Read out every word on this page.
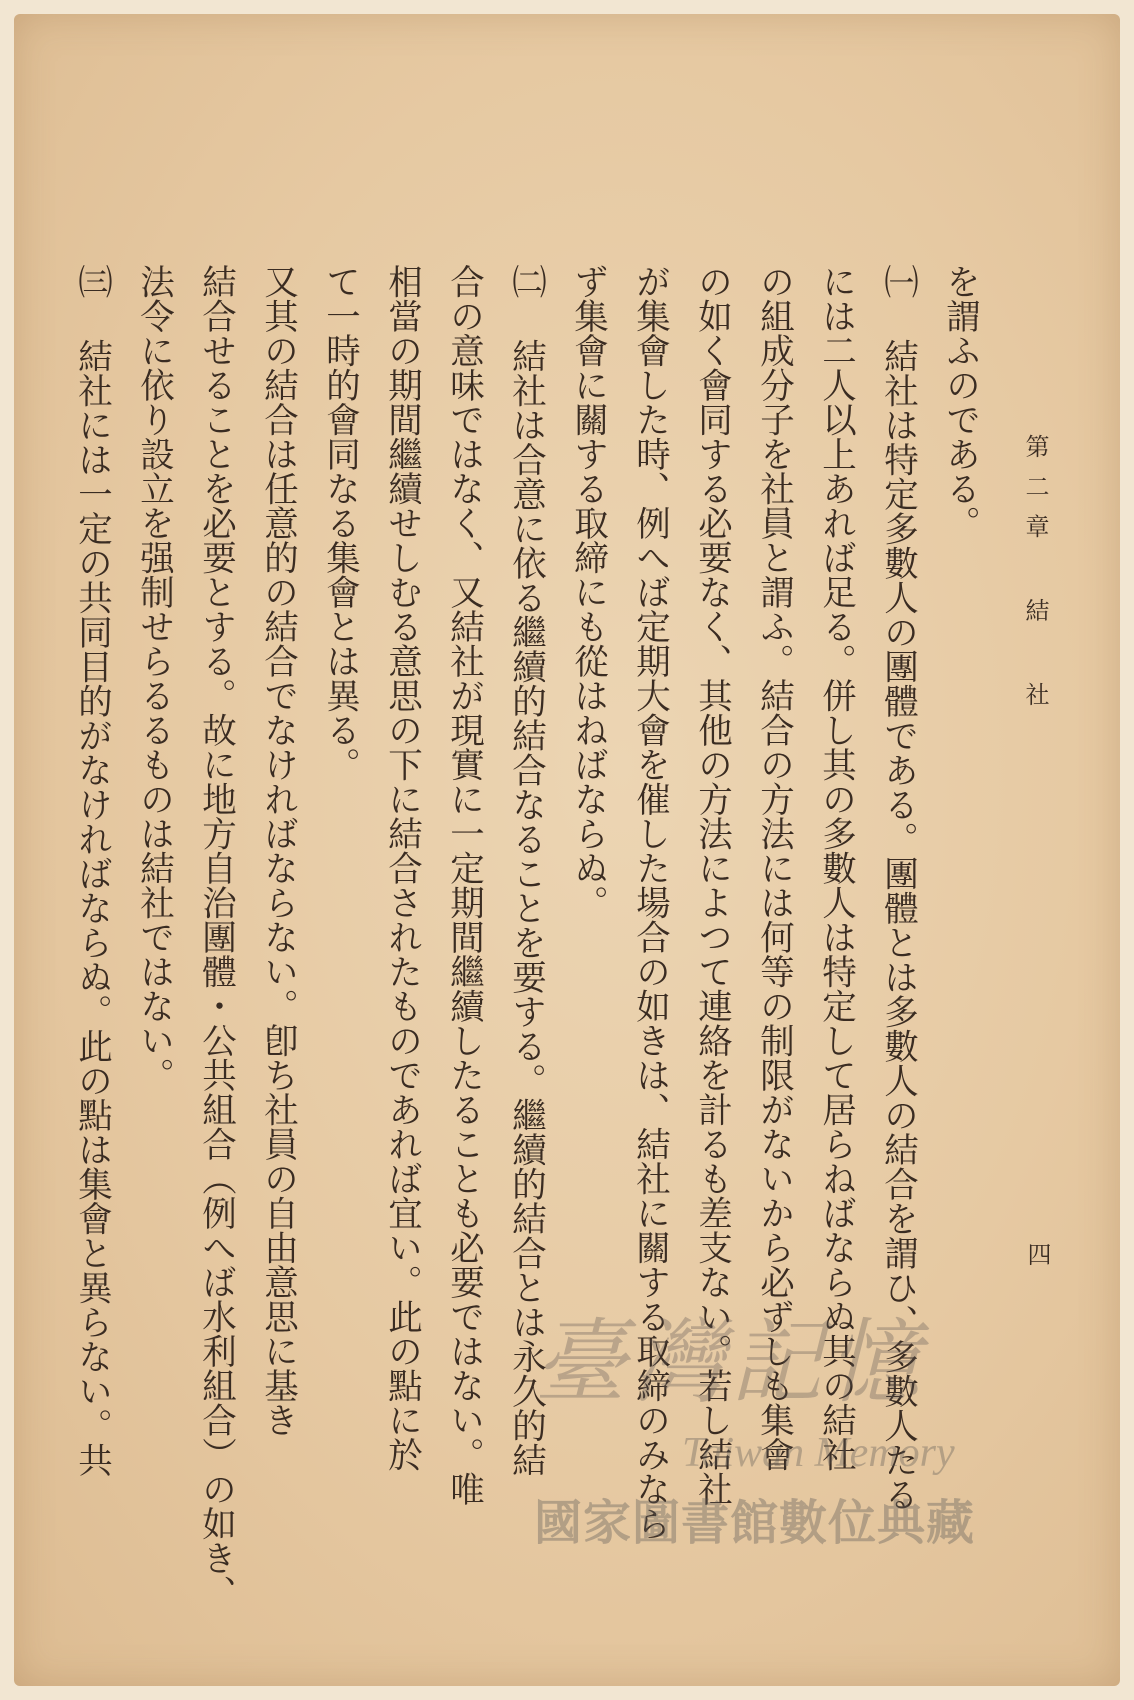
第二章 結 社
を謂ふのである。
㈠ 結社は特定多數人の團體である。團體とは多數人の結合を謂ひ、多數人たる
には二人以上あれば足る。併し其の多數人は特定して居らねばならぬ其の結社
の組成分子を社員と謂ふ。結合の方法には何等の制限がないから必ずしも集會
の如く會同する必要なく、其他の方法によつて連絡を計るも差支ない。若し結社
が集會した時、例へば定期大會を催した場合の如きは、結社に關する取締のみなら
ず集會に關する取締にも從はねばならぬ。
㈡ 結社は合意に依る繼續的結合なることを要する。繼續的結合とは永久的結
合の意味ではなく、又結社が現實に一定期間繼續したることも必要ではない。唯
相當の期間繼續せしむる意思の下に結合されたものであれば宜い。此の點に於
て一時的會同なる集會とは異る。
又其の結合は任意的の結合でなければならない。卽ち社員の自由意思に基き
結合せることを必要とする。故に地方自治團體・公共組合（例へば水利組合）の如き、
法令に依り設立を强制せらるるものは結社ではない。
㈢ 結社には一定の共同目的がなければならぬ。此の點は集會と異らない。共	四
臺灣記憶
Taiwan Memory
國家圖書館數位典藏
